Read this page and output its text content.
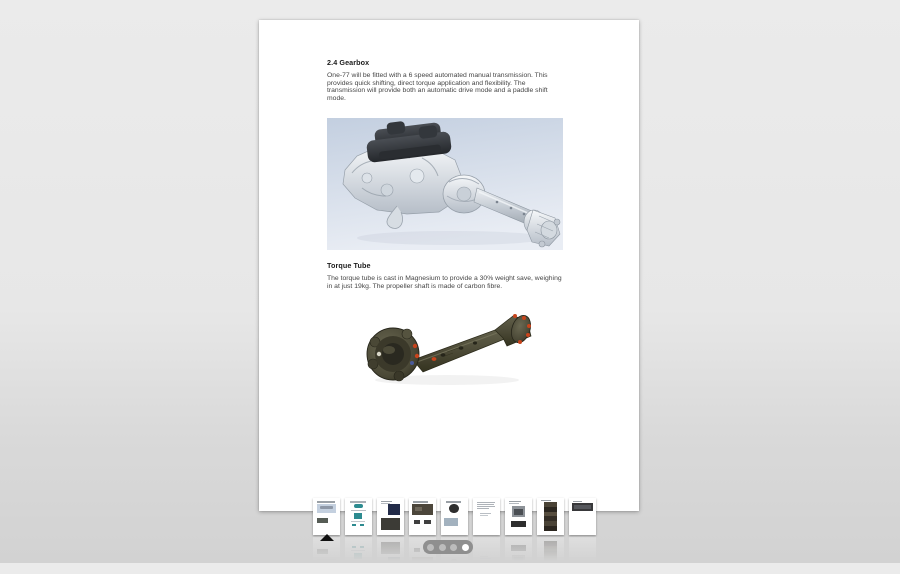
2.4 Gearbox

One-77 will be fitted with a 6 speed automated manual transmission. This provides quick shifting, direct torque application and flexibility. The transmission will provide both an automatic drive mode and a paddle shift mode.

Torque Tube

The torque tube is cast in Magnesium to provide a 30% weight save, weighing in at just 19kg. The propeller shaft is made of carbon fibre.
